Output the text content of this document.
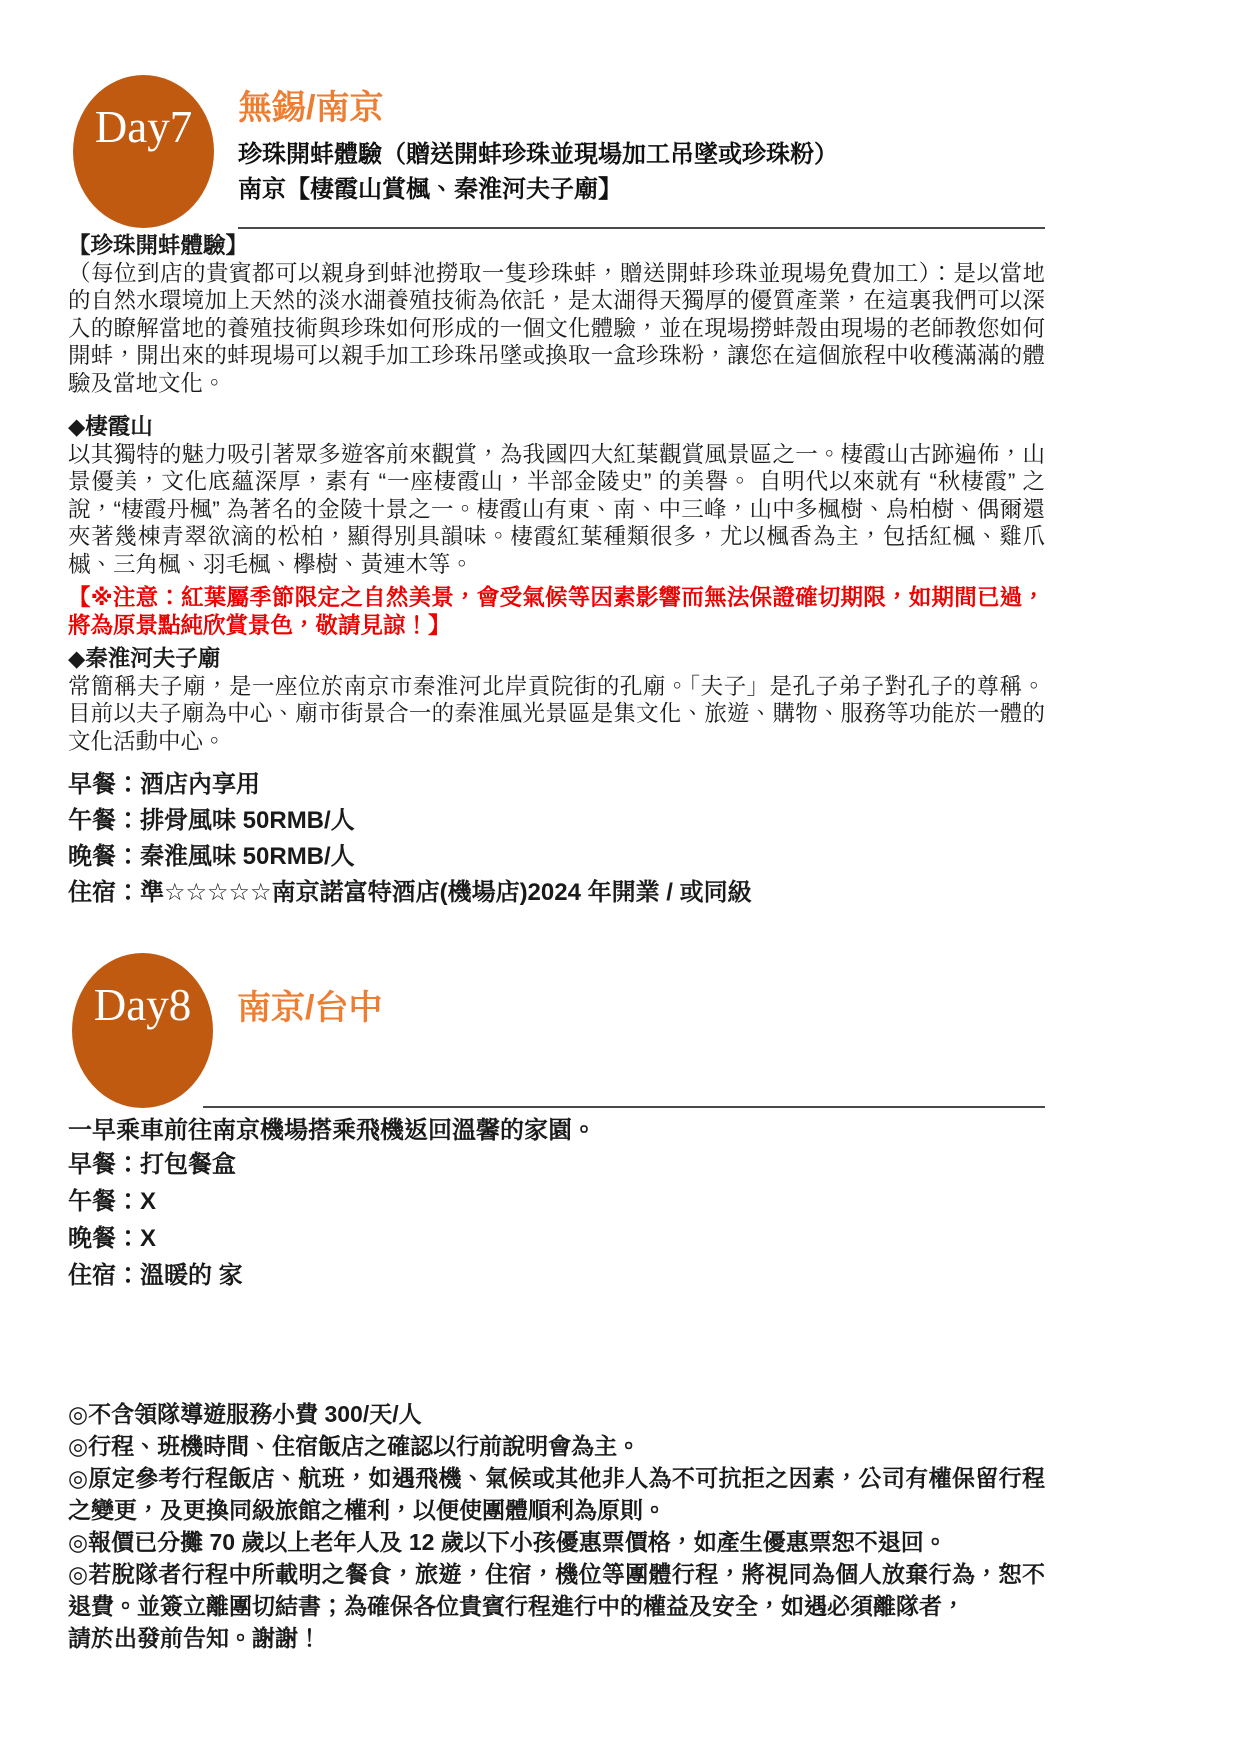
Day7	無錫/南京
珍珠開蚌體驗（贈送開蚌珍珠並現場加工吊墜或珍珠粉）
南京【棲霞山賞楓、秦淮河夫子廟】
【珍珠開蚌體驗】
（每位到店的貴賓都可以親身到蚌池撈取一隻珍珠蚌，贈送開蚌珍珠並現場免費加工）：是以當地的自然水環境加上天然的淡水湖養殖技術為依託，是太湖得天獨厚的優質產業，在這裏我們可以深入的瞭解當地的養殖技術與珍珠如何形成的一個文化體驗，並在現場撈蚌殼由現場的老師教您如何開蚌，開出來的蚌現場可以親手加工珍珠吊墜或換取一盒珍珠粉，讓您在這個旅程中收穫滿滿的體驗及當地文化。
◆棲霞山
以其獨特的魅力吸引著眾多遊客前來觀賞，為我國四大紅葉觀賞風景區之一。棲霞山古跡遍佈，山景優美，文化底蘊深厚，素有 “一座棲霞山，半部金陵史” 的美譽。 自明代以來就有 “秋棲霞” 之說，“棲霞丹楓” 為著名的金陵十景之一。棲霞山有東、南、中三峰，山中多楓樹、烏柏樹、偶爾還夾著幾棟青翠欲滴的松柏，顯得別具韻味。棲霞紅葉種類很多，尤以楓香為主，包括紅楓、雞爪槭、三角楓、羽毛楓、欅樹、黃連木等。
【※注意：紅葉屬季節限定之自然美景，會受氣候等因素影響而無法保證確切期限，如期間已過，將為原景點純欣賞景色，敬請見諒！】
◆秦淮河夫子廟
常簡稱夫子廟，是一座位於南京市秦淮河北岸貢院街的孔廟。「夫子」是孔子弟子對孔子的尊稱。 目前以夫子廟為中心、廟市街景合一的秦淮風光景區是集文化、旅遊、購物、服務等功能於一體的文化活動中心。
早餐：酒店內享用
午餐：排骨風味 50RMB/人
晚餐：秦淮風味 50RMB/人
住宿：準☆☆☆☆☆南京諾富特酒店(機場店)2024 年開業 / 或同級
Day8	南京/台中
一早乘車前往南京機場搭乘飛機返回溫馨的家園。
早餐：打包餐盒
午餐：X
晚餐：X
住宿：溫暖的 家
◎不含領隊導遊服務小費 300/天/人
◎行程、班機時間、住宿飯店之確認以行前說明會為主。
◎原定參考行程飯店、航班，如遇飛機、氣候或其他非人為不可抗拒之因素，公司有權保留行程之變更，及更換同級旅館之權利，以便使團體順利為原則。
◎報價已分攤 70 歲以上老年人及 12 歲以下小孩優惠票價格，如產生優惠票恕不退回。
◎若脫隊者行程中所載明之餐食，旅遊，住宿，機位等團體行程，將視同為個人放棄行為，恕不退費。並簽立離團切結書；為確保各位貴賓行程進行中的權益及安全，如遇必須離隊者，
請於出發前告知。謝謝！
